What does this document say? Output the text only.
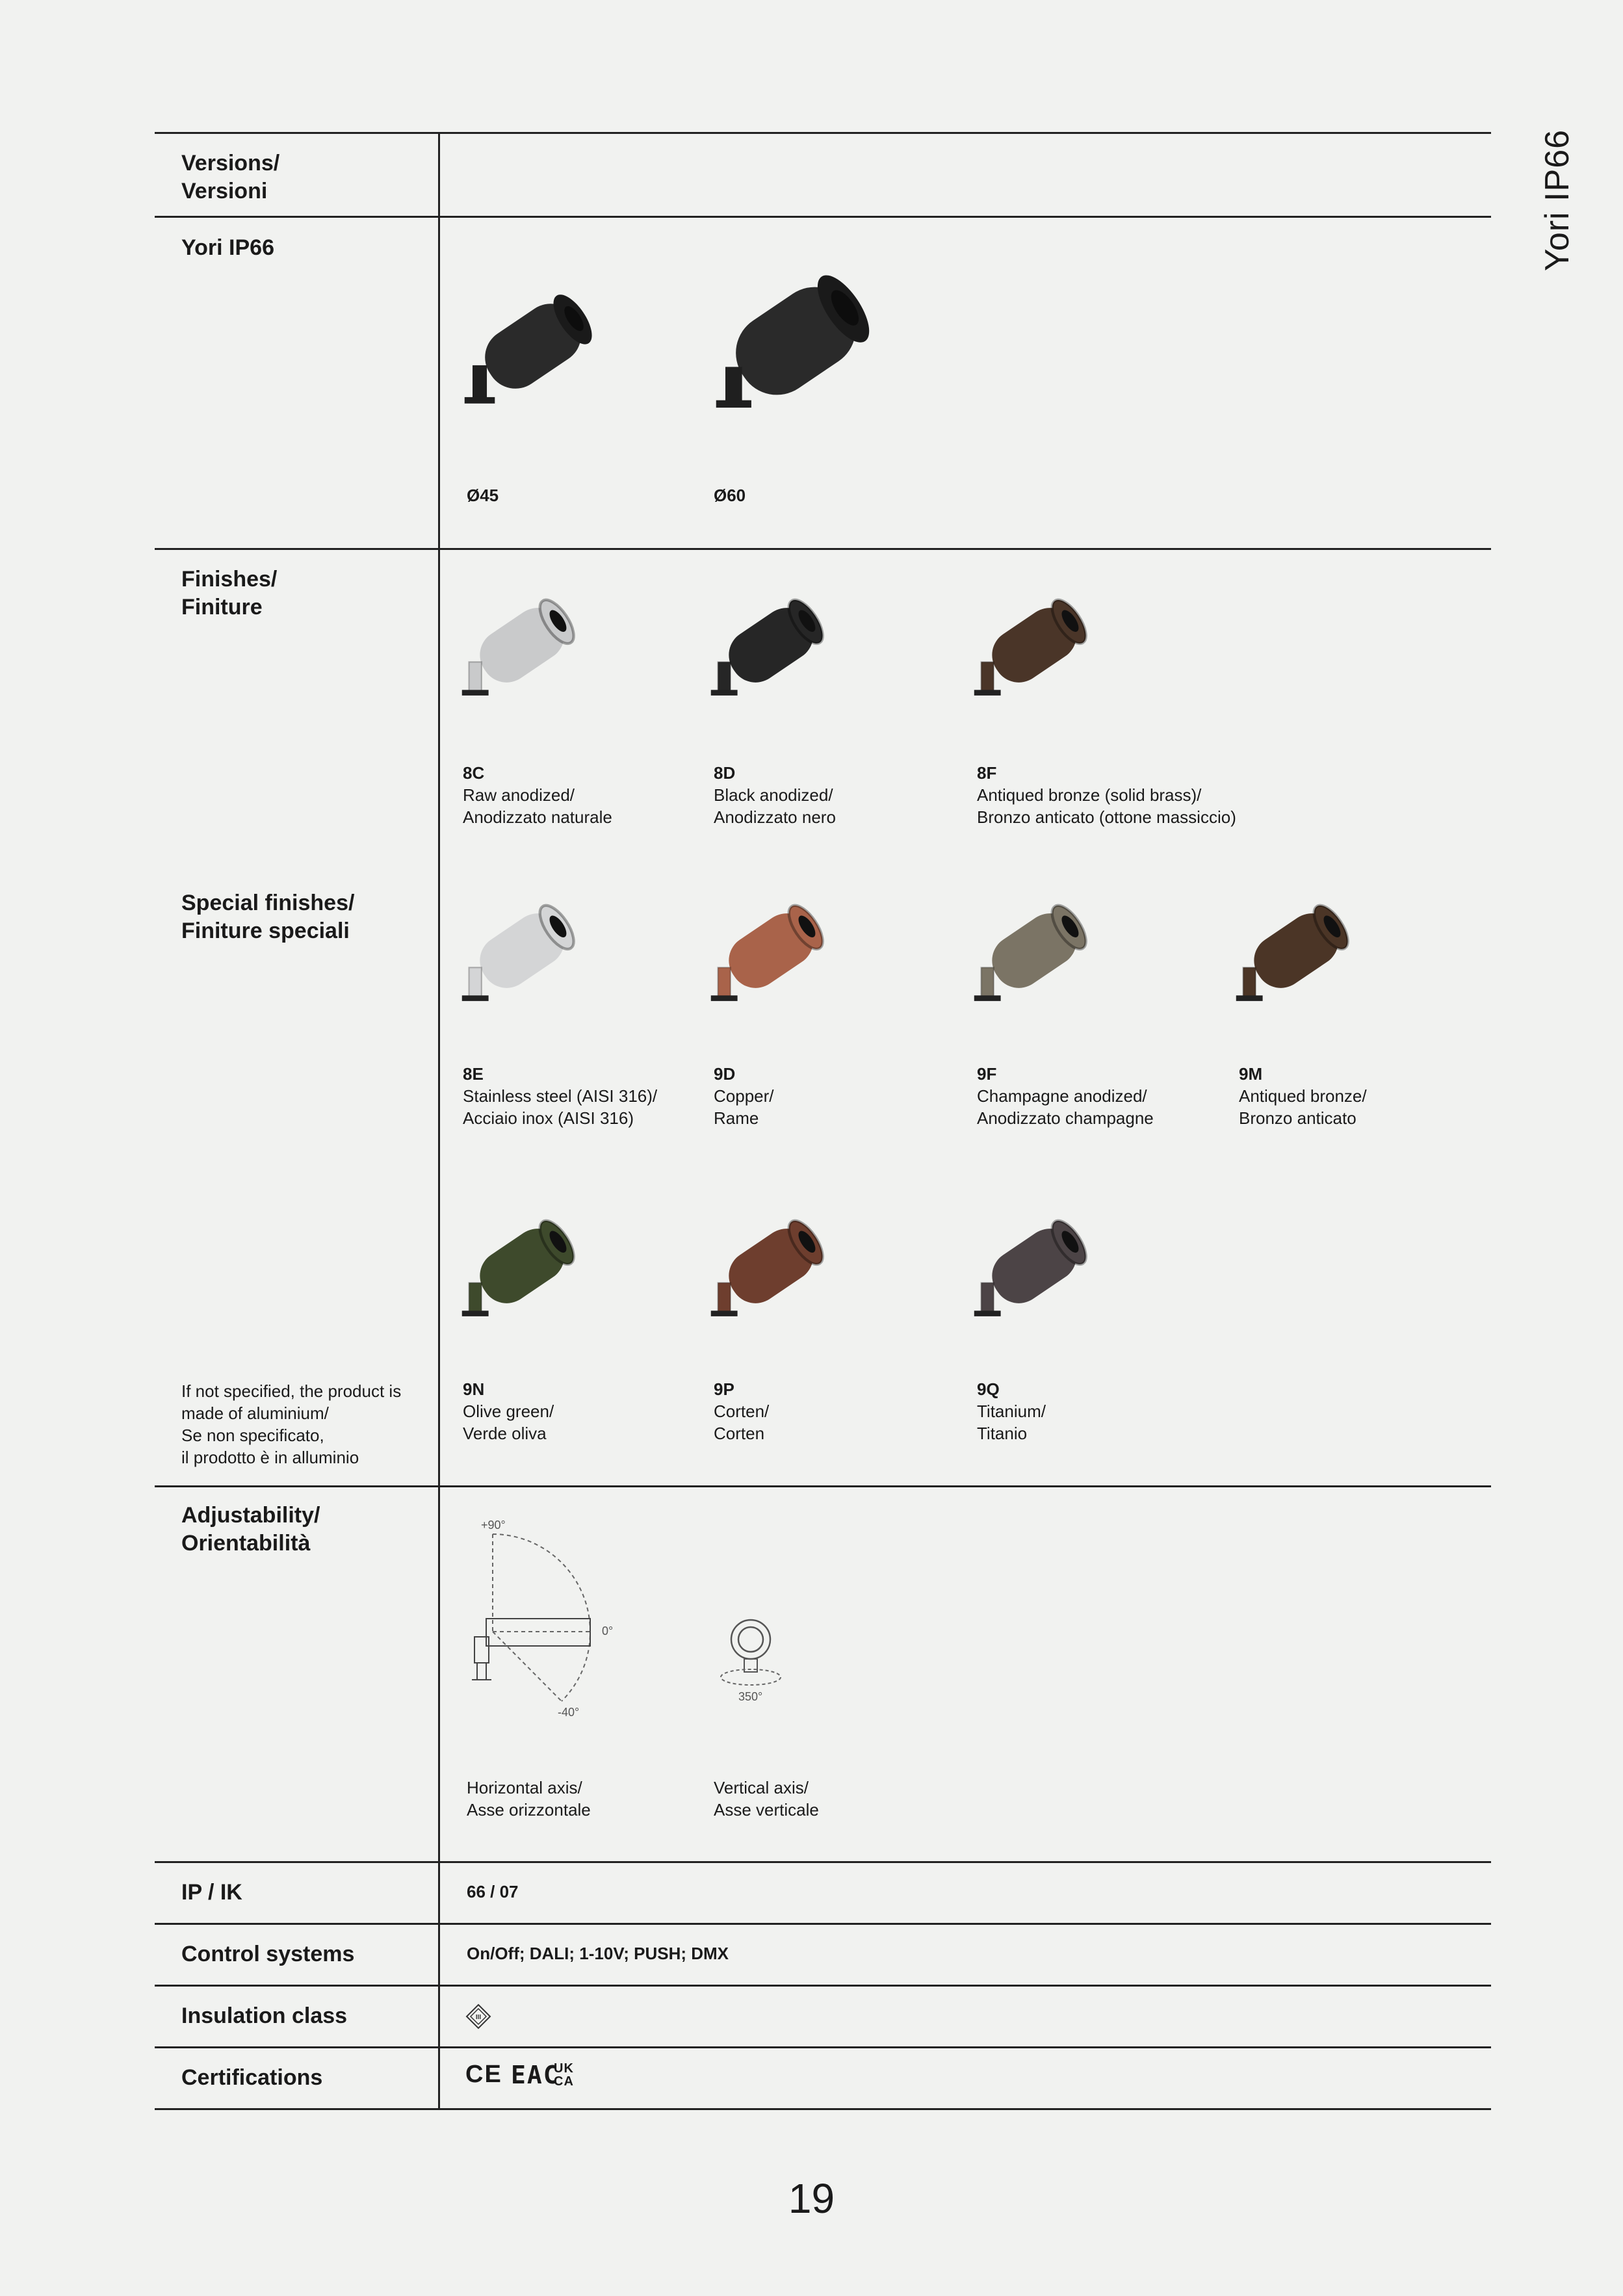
Yori IP66
Versions/
Versioni
Yori IP66
Ø45	Ø60
Finishes/
Finiture
8C
Raw anodized/
Anodizzato naturale
8D
Black anodized/
Anodizzato nero
8F
Antiqued bronze (solid brass)/
Bronzo anticato (ottone massiccio)
Special finishes/
Finiture speciali
8E
Stainless steel (AISI 316)/
Acciaio inox (AISI 316)
9D
Copper/
Rame
9F
Champagne anodized/
Anodizzato champagne
9M
Antiqued bronze/
Bronzo anticato
9N
Olive green/
Verde oliva
9P
Corten/
Corten
9Q
Titanium/
Titanio
If not specified, the product is
made of aluminium/
Se non specificato,
il prodotto è in alluminio
Adjustability/
Orientabilità
+90°
0°
-40°
350°
Horizontal axis/
Asse orizzontale
Vertical axis/
Asse verticale
IP / IK	66 / 07
Control systems	On/Off; DALI; 1-10V; PUSH; DMX
Insulation class	III
Certifications	CE EAC
UKCA
19
